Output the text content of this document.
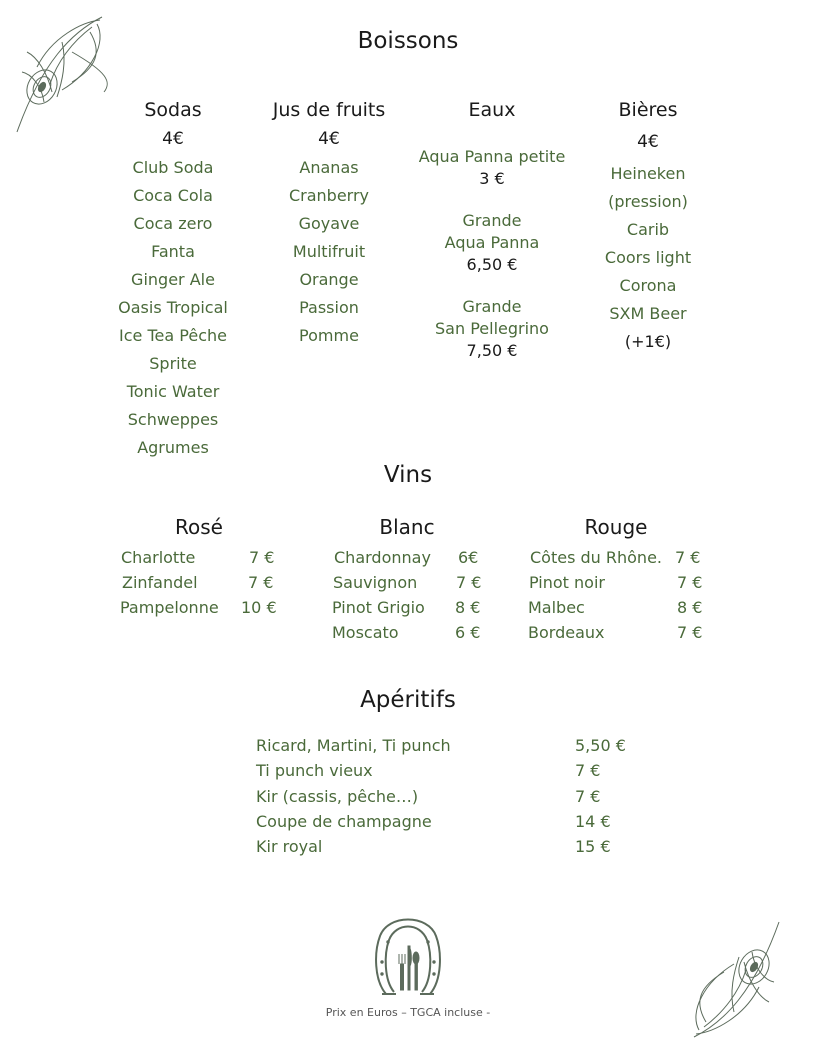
Boissons
Sodas
4€
Club Soda
Coca Cola
Coca zero
Fanta
Ginger Ale
Oasis Tropical
Ice Tea Pêche
Sprite
Tonic Water
Schweppes
Agrumes
Jus de fruits
4€
Ananas
Cranberry
Goyave
Multifruit
Orange
Passion
Pomme
Eaux
Aqua Panna petite
3 €
Grande
Aqua Panna
6,50 €
Grande
San Pellegrino
7,50 €
Bières
4€
Heineken
(pression)
Carib
Coors light
Corona
SXM Beer
(+1€)
Vins
Rosé	Blanc	Rouge
Charlotte	7 €
Zinfandel	7 €
Pampelonne 10 €
Chardonnay 6€
Sauvignon 7 €
Pinot Grigio 8 €
Moscato	6 €
Côtes du Rhône. 7 €
Pinot noir	7 €
Malbec	8 €
Bordeaux	7 €
Apéritifs
Ricard, Martini, Ti punch	5,50 €
Ti punch vieux	7 €
Kir (cassis, pêche…)	7 €
Coupe de champagne	14 €
Kir royal	15 €
Prix en Euros – TGCA incluse -
